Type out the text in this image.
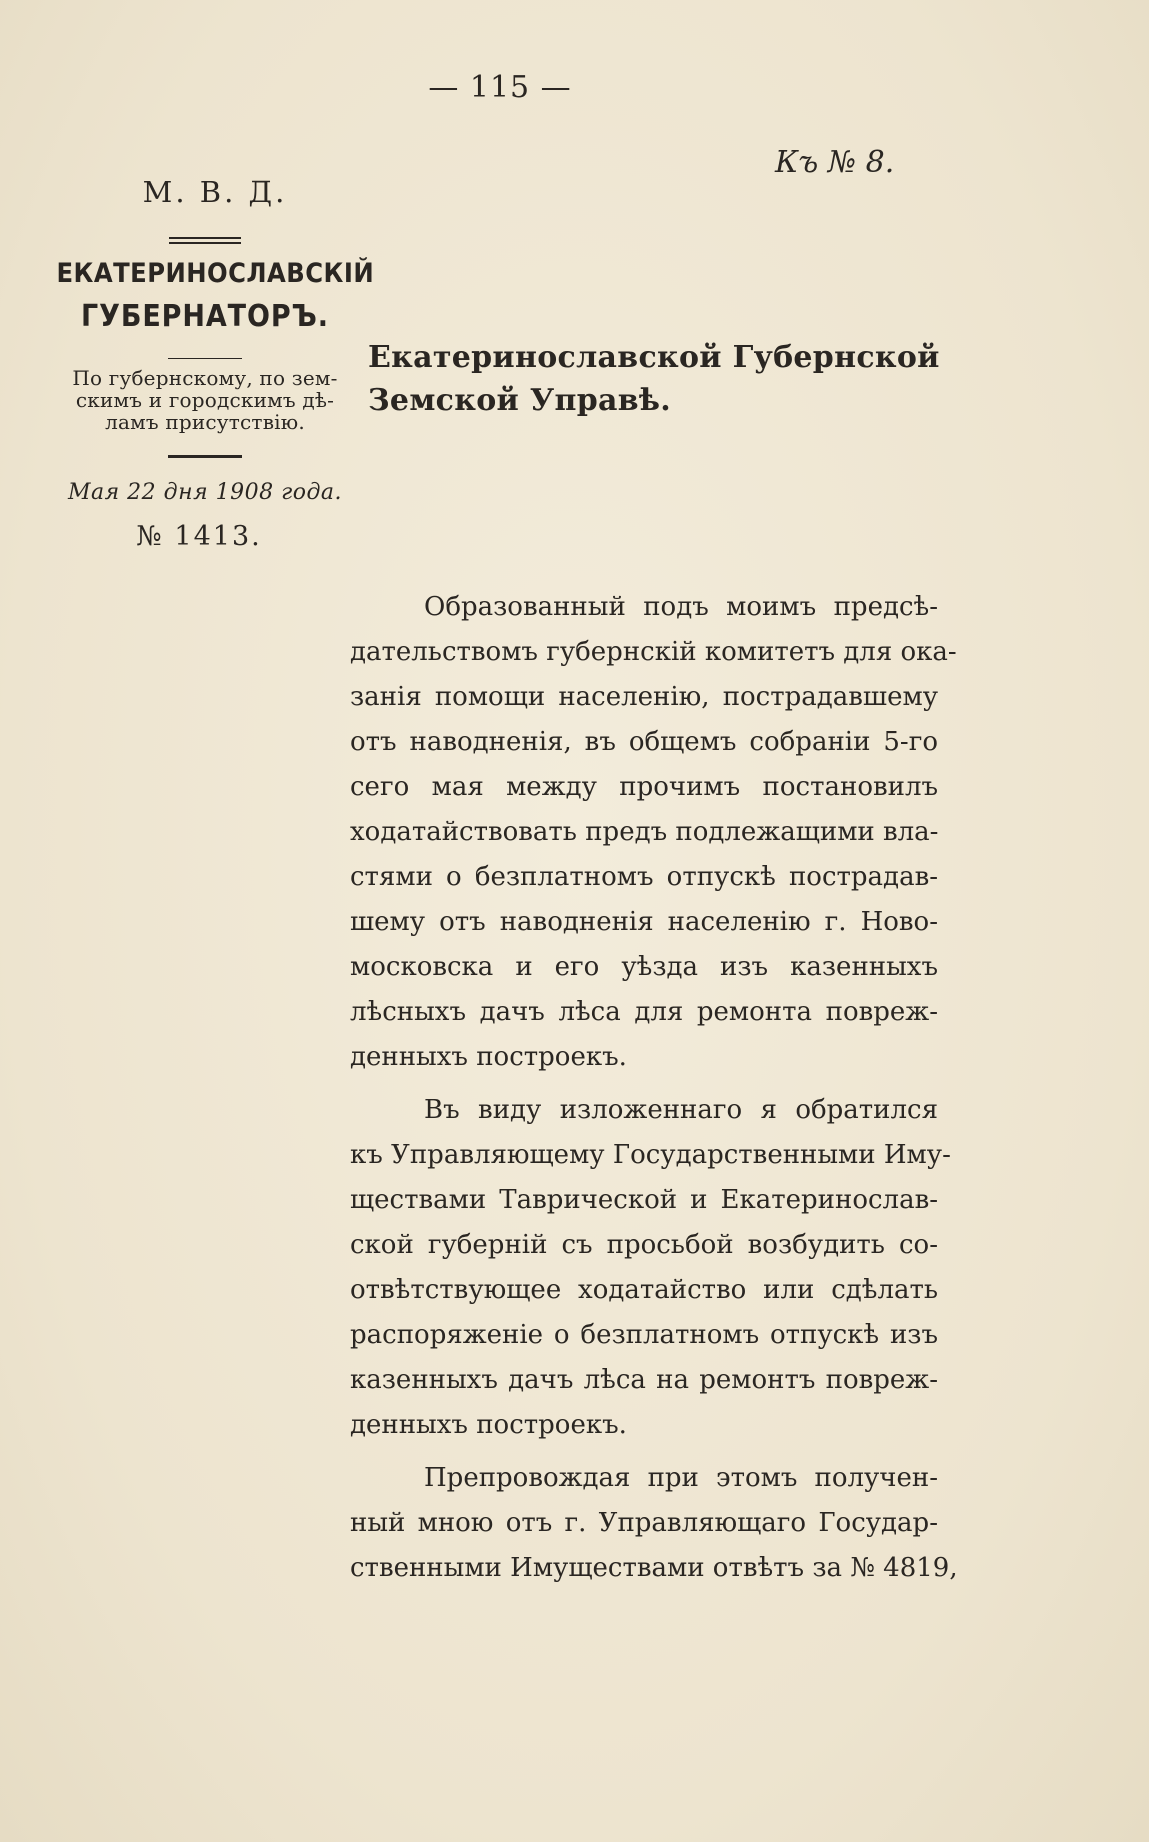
— 115 —
Къ № 8.
М. В. Д.
ЕКАТЕРИНОСЛАВСКІЙ
ГУБЕРНАТОРЪ.
По губернскому, по зем-
скимъ и городскимъ дѣ-
ламъ присутствію.
Мая 22 дня 1908 года.
№ 1413.
Екатеринославской Губернской
Земской Управѣ.
Образованный подъ моимъ предсѣ-
дательствомъ губернскій комитетъ для ока-
занія помощи населенію, пострадавшему
отъ наводненія, въ общемъ собраніи 5-го
сего мая между прочимъ постановилъ
ходатайствовать предъ подлежащими вла-
стями о безплатномъ отпускѣ пострадав-
шему отъ наводненія населенію г. Ново-
московска и его уѣзда изъ казенныхъ
лѣсныхъ дачъ лѣса для ремонта повреж-
денныхъ построекъ.
Въ виду изложеннаго я обратился
къ Управляющему Государственными Иму-
ществами Таврической и Екатеринослав-
ской губерній съ просьбой возбудить со-
отвѣтствующее ходатайство или сдѣлать
распоряженіе о безплатномъ отпускѣ изъ
казенныхъ дачъ лѣса на ремонтъ повреж-
денныхъ построекъ.
Препровождая при этомъ получен-
ный мною отъ г. Управляющаго Государ-
ственными Имуществами отвѣтъ за № 4819,
